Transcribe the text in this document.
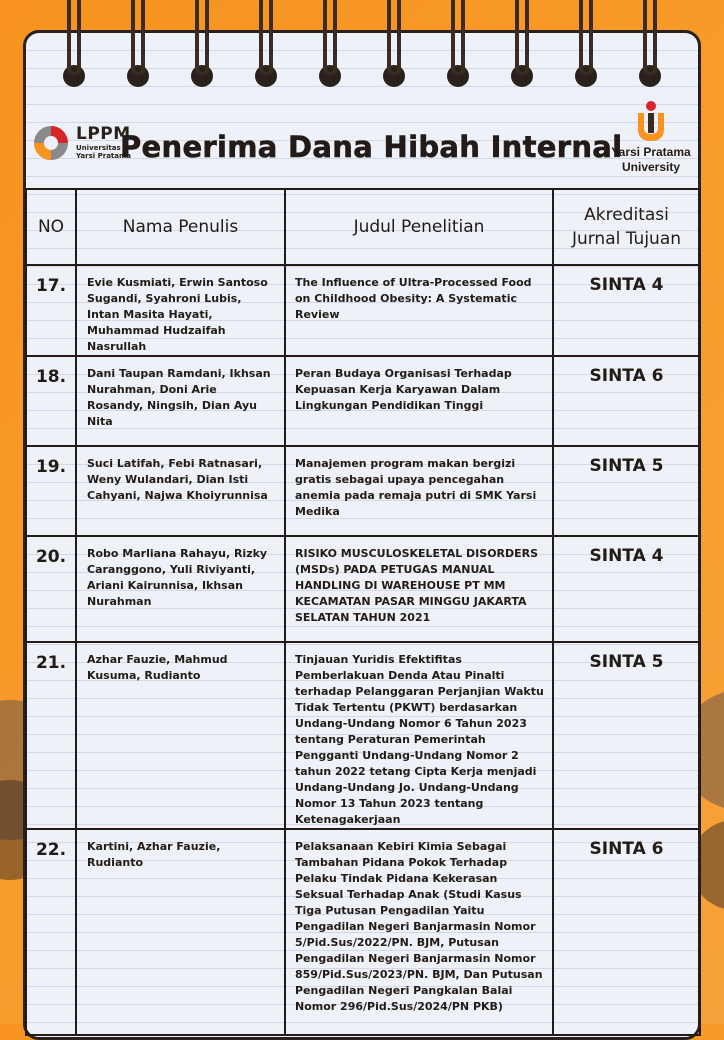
LPPM
Universitas
Yarsi Pratama
Penerima Dana Hibah Internal
Yarsi Pratama
University
NO	Nama Penulis	Judul Penelitian	Akreditasi
Jurnal Tujuan

17.	Evie Kusmiati, Erwin Santoso Sugandi, Syahroni Lubis, Intan Masita Hayati, Muhammad Hudzaifah Nasrullah	The Influence of Ultra-Processed Food on Childhood Obesity: A Systematic Review	SINTA 4
18.	Dani Taupan Ramdani, Ikhsan Nurahman, Doni Arie Rosandy, Ningsih, Dian Ayu Nita	Peran Budaya Organisasi Terhadap Kepuasan Kerja Karyawan Dalam Lingkungan Pendidikan Tinggi	SINTA 6
19.	Suci Latifah, Febi Ratnasari, Weny Wulandari, Dian Isti Cahyani, Najwa Khoiyrunnisa	Manajemen program makan bergizi gratis sebagai upaya pencegahan anemia pada remaja putri di SMK Yarsi Medika	SINTA 5
20.	Robo Marliana Rahayu, Rizky Caranggono, Yuli Riviyanti, Ariani Kairunnisa, Ikhsan Nurahman	RISIKO MUSCULOSKELETAL DISORDERS (MSDs) PADA PETUGAS MANUAL HANDLING DI WAREHOUSE PT MM KECAMATAN PASAR MINGGU JAKARTA SELATAN TAHUN 2021	SINTA 4
21.	Azhar Fauzie, Mahmud Kusuma, Rudianto	Tinjauan Yuridis Efektifitas Pemberlakuan Denda Atau Pinalti terhadap Pelanggaran Perjanjian Waktu Tidak Tertentu (PKWT) berdasarkan Undang-Undang Nomor 6 Tahun 2023 tentang Peraturan Pemerintah Pengganti Undang-Undang Nomor 2 tahun 2022 tetang Cipta Kerja menjadi Undang-Undang Jo. Undang-Undang Nomor 13 Tahun 2023 tentang Ketenagakerjaan	SINTA 5
22.	Kartini, Azhar Fauzie, Rudianto	Pelaksanaan Kebiri Kimia Sebagai Tambahan Pidana Pokok Terhadap Pelaku Tindak Pidana Kekerasan Seksual Terhadap Anak (Studi Kasus Tiga Putusan Pengadilan Yaitu Pengadilan Negeri Banjarmasin Nomor 5/Pid.Sus/2022/PN. BJM, Putusan Pengadilan Negeri Banjarmasin Nomor 859/Pid.Sus/2023/PN. BJM, Dan Putusan Pengadilan Negeri Pangkalan Balai Nomor 296/Pid.Sus/2024/PN PKB)	SINTA 6
